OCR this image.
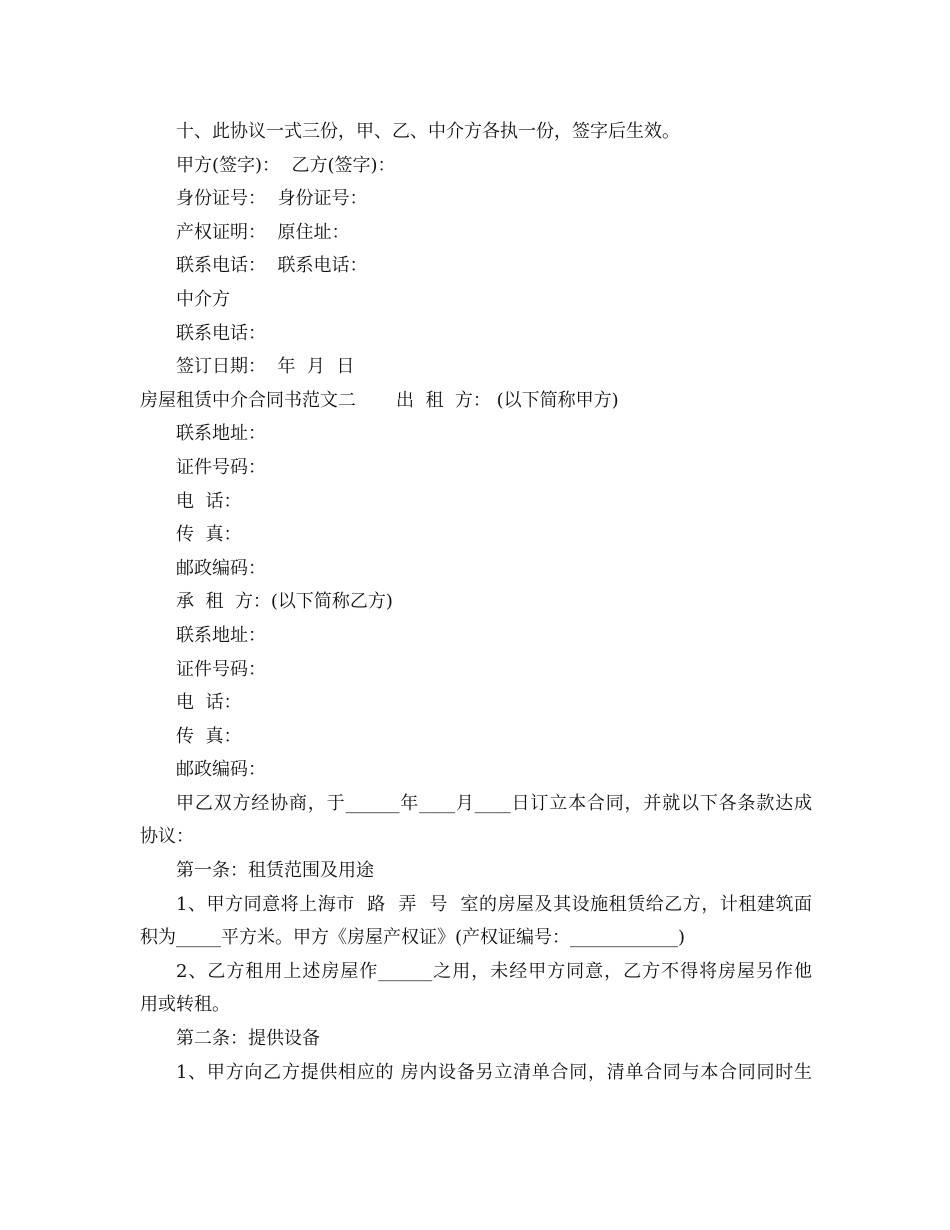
十、此协议一式三份，甲、乙、中介方各执一份，签字后生效。
甲方(签字)：  乙方(签字)：
身份证号：  身份证号：
产权证明：  原住址：
联系电话：  联系电话：
中介方
联系电话：
签订日期：  年  月  日
房屋租赁中介合同书范文二       出  租  方： (以下简称甲方)
联系地址：
证件号码：
电  话：
传  真：
邮政编码：
承  租  方：(以下简称乙方)
联系地址：
证件号码：
电  话：
传  真：
邮政编码：
甲乙双方经协商，于______年____月____日订立本合同，并就以下各条款达成
协议：
第一条：租赁范围及用途
1、甲方同意将上海市  路  弄  号  室的房屋及其设施租赁给乙方，计租建筑面
积为_____平方米。甲方《房屋产权证》(产权证编号：____________)
2、乙方租用上述房屋作______之用，未经甲方同意，乙方不得将房屋另作他
用或转租。
第二条：提供设备
1、甲方向乙方提供相应的 房内设备另立清单合同，清单合同与本合同同时生
